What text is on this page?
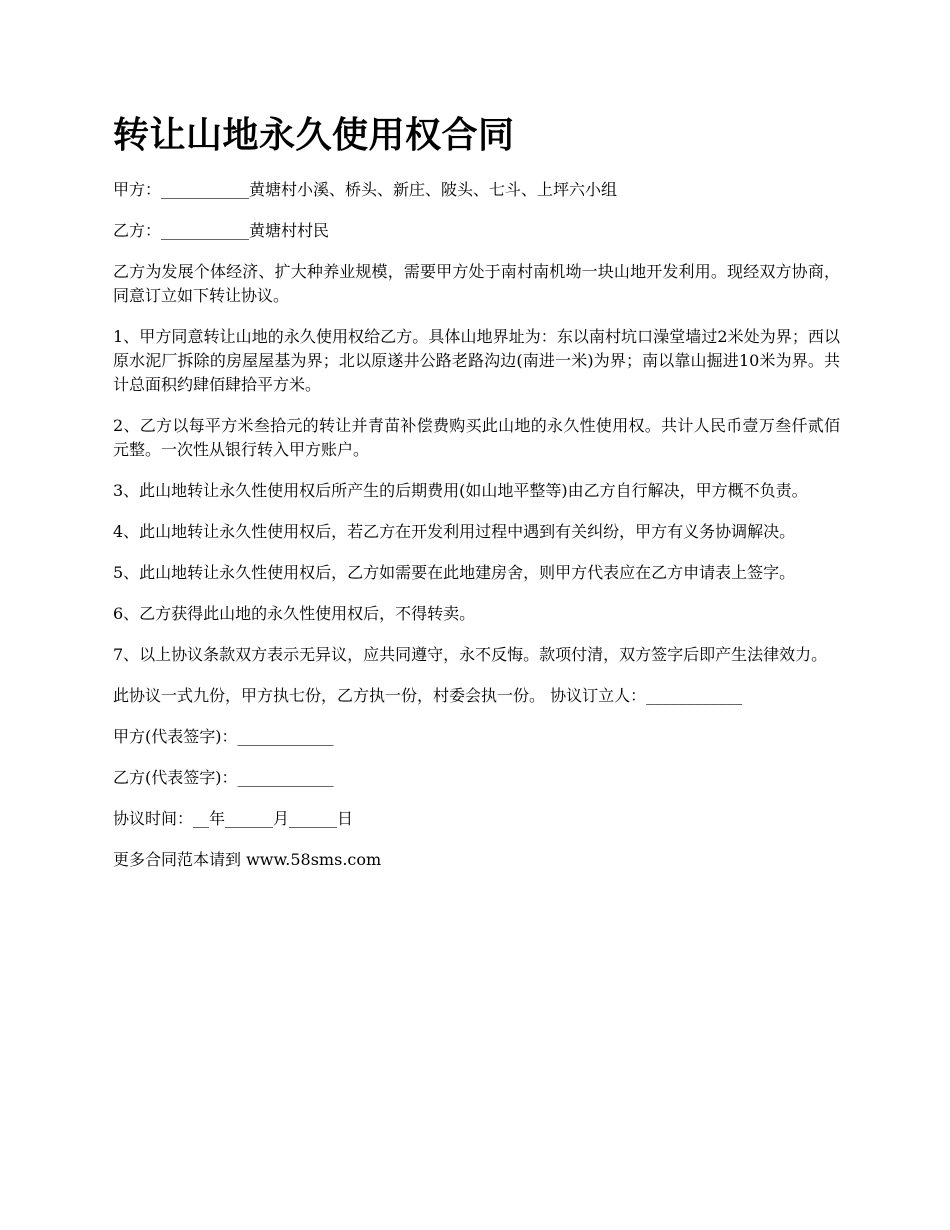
转让山地永久使用权合同

甲方：___________黄塘村小溪、桥头、新庄、陂头、七斗、上坪六小组

乙方：___________黄塘村村民

乙方为发展个体经济、扩大种养业规模，需要甲方处于南村南机坳一块山地开发利用。现经双方协商，同意订立如下转让协议。

1、甲方同意转让山地的永久使用权给乙方。具体山地界址为：东以南村坑口澡堂墙过2米处为界；西以原水泥厂拆除的房屋屋基为界；北以原遂井公路老路沟边(南进一米)为界；南以靠山掘进10米为界。共计总面积约肆佰肆拾平方米。

2、乙方以每平方米叁拾元的转让并青苗补偿费购买此山地的永久性使用权。共计人民币壹万叁仟贰佰元整。一次性从银行转入甲方账户。

3、此山地转让永久性使用权后所产生的后期费用(如山地平整等)由乙方自行解决，甲方概不负责。

4、此山地转让永久性使用权后，若乙方在开发利用过程中遇到有关纠纷，甲方有义务协调解决。

5、此山地转让永久性使用权后，乙方如需要在此地建房舍，则甲方代表应在乙方申请表上签字。

6、乙方获得此山地的永久性使用权后，不得转卖。

7、以上协议条款双方表示无异议，应共同遵守，永不反悔。款项付清，双方签字后即产生法律效力。

此协议一式九份，甲方执七份，乙方执一份，村委会执一份。 协议订立人：____________

甲方(代表签字)：____________

乙方(代表签字)：____________

协议时间：__年______月______日

更多合同范本请到 www.58sms.com
